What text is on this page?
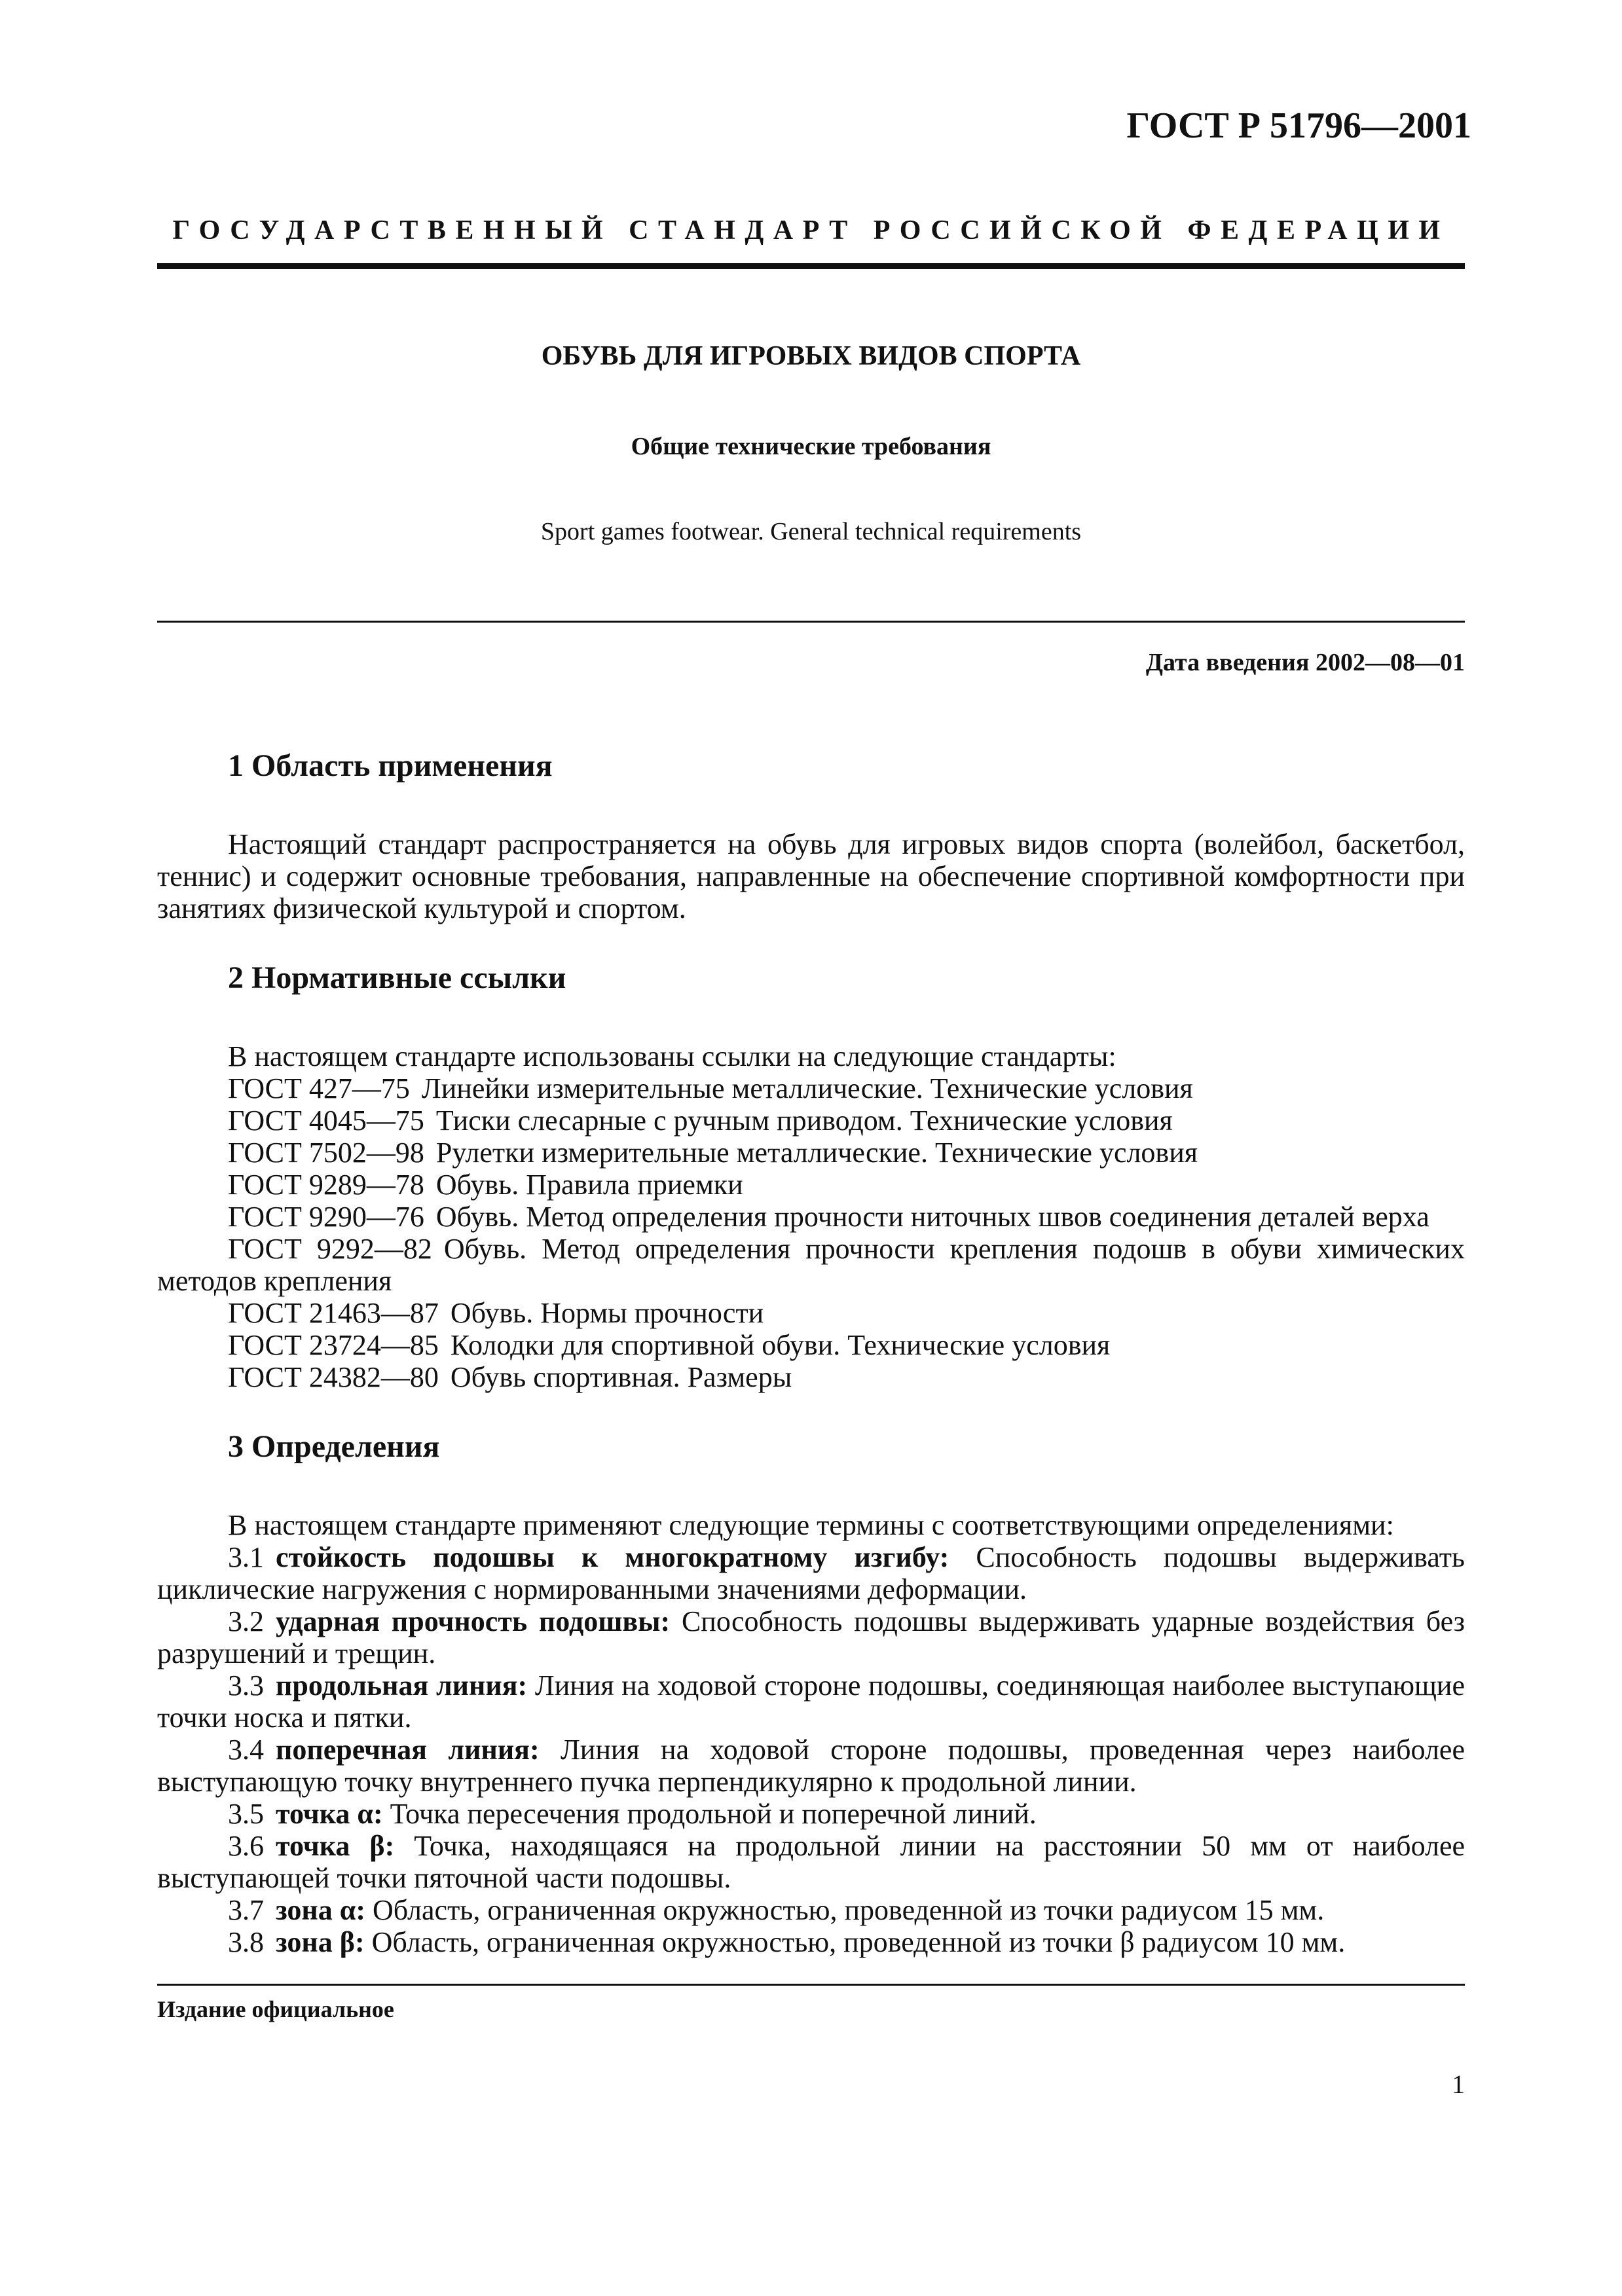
ГОСТ Р 51796—2001
ГОСУДАРСТВЕННЫЙ СТАНДАРТ РОССИЙСКОЙ ФЕДЕРАЦИИ
ОБУВЬ ДЛЯ ИГРОВЫХ ВИДОВ СПОРТА
Общие технические требования
Sport games footwear. General technical requirements
Дата введения 2002—08—01
1 Область применения

Настоящий стандарт распространяется на обувь для игровых видов спорта (волейбол, баскетбол, теннис) и содержит основные требования, направленные на обеспечение спортивной комфортности при занятиях физической культурой и спортом.

2 Нормативные ссылки

В настоящем стандарте использованы ссылки на следующие стандарты:

ГОСТ 427—75 Линейки измерительные металлические. Технические условия

ГОСТ 4045—75 Тиски слесарные с ручным приводом. Технические условия

ГОСТ 7502—98 Рулетки измерительные металлические. Технические условия

ГОСТ 9289—78 Обувь. Правила приемки

ГОСТ 9290—76 Обувь. Метод определения прочности ниточных швов соединения деталей верха

ГОСТ 9292—82 Обувь. Метод определения прочности крепления подошв в обуви химических методов крепления

ГОСТ 21463—87 Обувь. Нормы прочности

ГОСТ 23724—85 Колодки для спортивной обуви. Технические условия

ГОСТ 24382—80 Обувь спортивная. Размеры

3 Определения

В настоящем стандарте применяют следующие термины с соответствующими определениями:

3.1 стойкость подошвы к многократному изгибу: Способность подошвы выдерживать циклические нагружения с нормированными значениями деформации.

3.2 ударная прочность подошвы: Способность подошвы выдерживать ударные воздействия без разрушений и трещин.

3.3 продольная линия: Линия на ходовой стороне подошвы, соединяющая наиболее выступающие точки носка и пятки.

3.4 поперечная линия: Линия на ходовой стороне подошвы, проведенная через наиболее выступающую точку внутреннего пучка перпендикулярно к продольной линии.

3.5 точка α: Точка пересечения продольной и поперечной линий.

3.6 точка β: Точка, находящаяся на продольной линии на расстоянии 50 мм от наиболее выступающей точки пяточной части подошвы.

3.7 зона α: Область, ограниченная окружностью, проведенной из точки радиусом 15 мм.

3.8 зона β: Область, ограниченная окружностью, проведенной из точки β радиусом 10 мм.

Издание официальное
1
